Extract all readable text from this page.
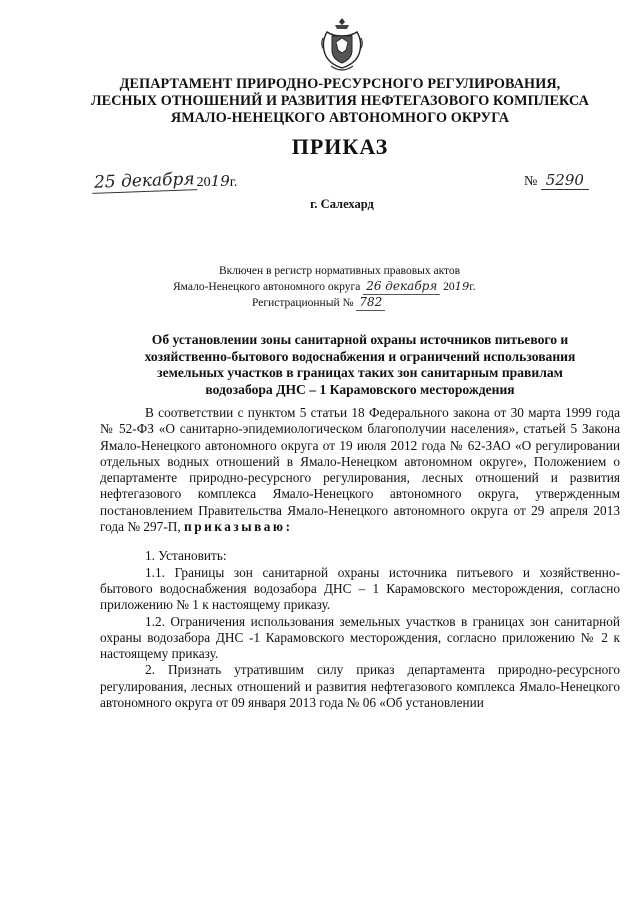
ДЕПАРТАМЕНТ ПРИРОДНО-РЕСУРСНОГО РЕГУЛИРОВАНИЯ,
ЛЕСНЫХ ОТНОШЕНИЙ И РАЗВИТИЯ НЕФТЕГАЗОВОГО КОМПЛЕКСА
ЯМАЛО-НЕНЕЦКОГО АВТОНОМНОГО ОКРУГА
ПРИКАЗ
25 декабря 2019г.	№ 5290
г. Салехард
Включен в регистр нормативных правовых актов
Ямало-Ненецкого автономного округа 26 декабря 2019г.
Регистрационный № 782
Об установлении зоны санитарной охраны источников питьевого и
хозяйственно-бытового водоснабжения и ограничений использования
земельных участков в границах таких зон санитарным правилам
водозабора ДНС – 1 Карамовского месторождения

В соответствии с пунктом 5 статьи 18 Федерального закона от 30 марта 1999 года № 52-ФЗ «О санитарно-эпидемиологическом благополучии населения», статьей 5 Закона Ямало-Ненецкого автономного округа от 19 июля 2012 года № 62-ЗАО «О регулировании отдельных водных отношений в Ямало-Ненецком автономном округе», Положением о департаменте природно-ресурсного регулирования, лесных отношений и развития нефтегазового комплекса Ямало-Ненецкого автономного округа, утвержденным постановлением Правительства Ямало-Ненецкого автономного округа от 29 апреля 2013 года № 297-П, приказываю:

1. Установить:

1.1. Границы зон санитарной охраны источника питьевого и хозяйственно-бытового водоснабжения водозабора ДНС – 1 Карамовского месторождения, согласно приложению № 1 к настоящему приказу.

1.2. Ограничения использования земельных участков в границах зон санитарной охраны водозабора ДНС -1 Карамовского месторождения, согласно приложению № 2 к настоящему приказу.

2. Признать утратившим силу приказ департамента природно-ресурсного регулирования, лесных отношений и развития нефтегазового комплекса Ямало-Ненецкого автономного округа от 09 января 2013 года № 06 «Об установлении
